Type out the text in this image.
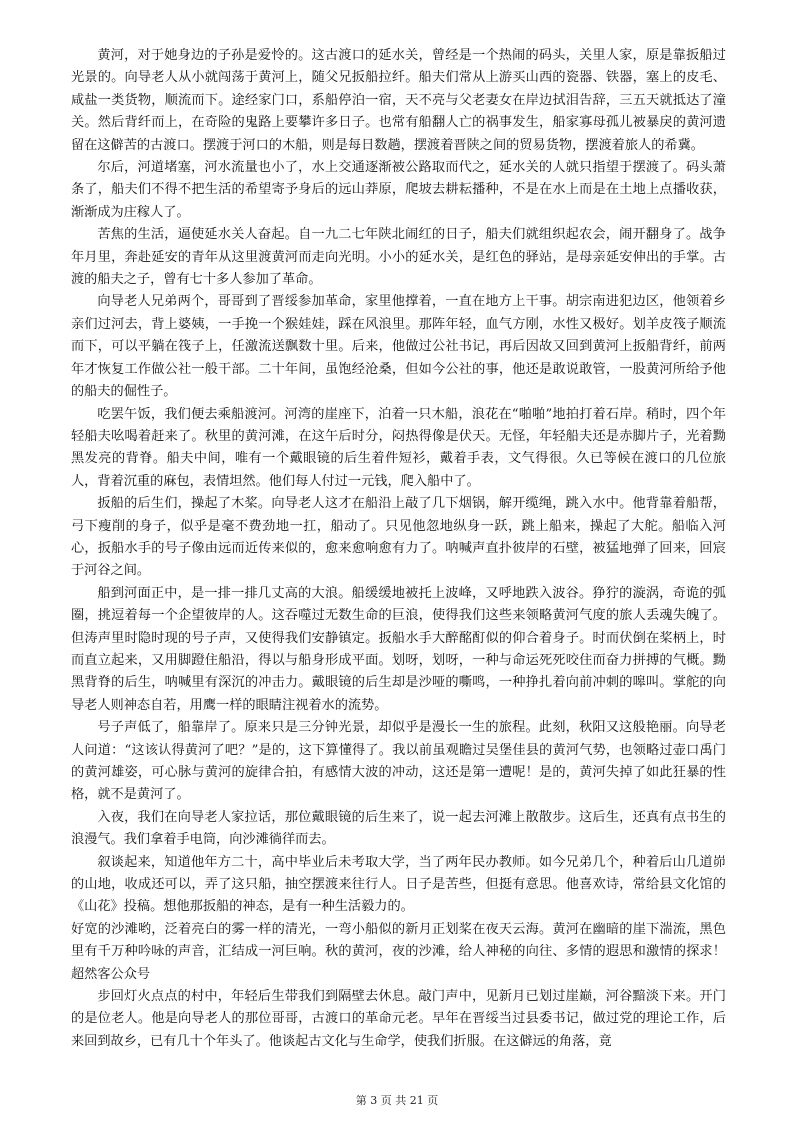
黄河，对于她身边的子孙是爱怜的。这古渡口的延水关，曾经是一个热闹的码头，关里人家，原是靠扳船过光景的。向导老人从小就闯荡于黄河上，随父兄扳船拉纤。船夫们常从上游买山西的瓷器、铁器，塞上的皮毛、咸盐一类货物，顺流而下。途经家门口，系船停泊一宿，天不亮与父老妻女在岸边拭泪告辞，三五天就抵达了潼关。然后背纤而上，在奇险的鬼路上要攀许多日子。也常有船翻人亡的祸事发生，船家寡母孤儿被暴戾的黄河遗留在这僻苦的古渡口。摆渡于河口的木船，则是每日数趟，摆渡着晋陕之间的贸易货物，摆渡着旅人的希冀。

尔后，河道堵塞，河水流量也小了，水上交通逐渐被公路取而代之，延水关的人就只指望于摆渡了。码头萧条了，船夫们不得不把生活的希望寄予身后的远山莽原，爬坡去耕耘播种，不是在水上而是在土地上点播收获，渐渐成为庄稼人了。

苦焦的生活，逼使延水关人奋起。自一九二七年陕北闹红的日子，船夫们就组织起农会，闹开翻身了。战争年月里，奔赴延安的青年从这里渡黄河而走向光明。小小的延水关，是红色的驿站，是母亲延安伸出的手掌。古渡的船夫之子，曾有七十多人参加了革命。

向导老人兄弟两个，哥哥到了晋绥参加革命，家里他撑着，一直在地方上干事。胡宗南进犯边区，他领着乡亲们过河去，背上婆姨，一手挽一个猴娃娃，踩在风浪里。那阵年轻，血气方刚，水性又极好。划羊皮筏子顺流而下，可以平躺在筏子上，任激流送飘数十里。后来，他做过公社书记，再后因故又回到黄河上扳船背纤，前两年才恢复工作做公社一般干部。二十年间，虽饱经沧桑，但如今公社的事，他还是敢说敢管，一股黄河所给予他的船夫的倔性子。

吃罢午饭，我们便去乘船渡河。河湾的崖座下，泊着一只木船，浪花在“啪啪”地拍打着石岸。稍时，四个年轻船夫吆喝着赶来了。秋里的黄河滩，在这午后时分，闷热得像是伏天。无怪，年轻船夫还是赤脚片子，光着黝黑发亮的背脊。船夫中间，唯有一个戴眼镜的后生着件短衫，戴着手表，文气得很。久已等候在渡口的几位旅人，背着沉重的麻包，表情坦然。他们每人付过一元钱，爬入船中了。

扳船的后生们，操起了木桨。向导老人这才在船沿上敲了几下烟锅，解开缆绳，跳入水中。他背靠着船帮，弓下瘦削的身子，似乎是毫不费劲地一扛，船动了。只见他忽地纵身一跃，跳上船来，操起了大舵。船临入河心，扳船水手的号子像由远而近传来似的，愈来愈响愈有力了。呐喊声直扑彼岸的石壁，被猛地弹了回来，回宸于河谷之间。

船到河面正中，是一排一排几丈高的大浪。船缓缓地被托上波峰，又呼地跌入波谷。狰狞的漩涡，奇诡的弧圈，挑逗着每一个企望彼岸的人。这吞噬过无数生命的巨浪，使得我们这些来领略黄河气度的旅人丢魂失魄了。但涛声里时隐时现的号子声，又使得我们安静镇定。扳船水手大醉酩酊似的仰合着身子。时而伏倒在桨柄上，时而直立起来，又用脚蹬住船沿，得以与船身形成平面。划呀，划呀，一种与命运死死咬住而奋力拼搏的气概。黝黑背脊的后生，呐喊里有深沉的冲击力。戴眼镜的后生却是沙哑的嘶鸣，一种挣扎着向前冲刺的嗥叫。掌舵的向导老人则神态自若，用鹰一样的眼睛注视着水的流势。

号子声低了，船靠岸了。原来只是三分钟光景，却似乎是漫长一生的旅程。此刻，秋阳又这般艳丽。向导老人问道：“这该认得黄河了吧？”是的，这下算懂得了。我以前虽观瞻过吴堡佳县的黄河气势，也领略过壶口禹门的黄河雄姿，可心脉与黄河的旋律合拍，有感情大波的冲动，这还是第一遭呢！是的，黄河失掉了如此狂暴的性格，就不是黄河了。

入夜，我们在向导老人家拉话，那位戴眼镜的后生来了，说一起去河滩上散散步。这后生，还真有点书生的浪漫气。我们拿着手电筒，向沙滩徜徉而去。

叙谈起来，知道他年方二十，高中毕业后未考取大学，当了两年民办教师。如今兄弟几个，种着后山几道峁的山地，收成还可以，弄了这只船，抽空摆渡来往行人。日子是苦些，但挺有意思。他喜欢诗，常给县文化馆的《山花》投稿。想他那扳船的神态，是有一种生活毅力的。

好宽的沙滩哟，泛着亮白的雾一样的清光，一弯小船似的新月正划桨在夜天云海。黄河在幽暗的崖下湍流，黑色里有千万种吟咏的声音，汇结成一河巨响。秋的黄河，夜的沙滩，给人神秘的向往、多情的遐思和激情的探求！超然客公众号

步回灯火点点的村中，年轻后生带我们到隔壁去休息。敲门声中，见新月已划过崖巅，河谷黯淡下来。开门的是位老人。他是向导老人的那位哥哥，古渡口的革命元老。早年在晋绥当过县委书记，做过党的理论工作，后来回到故乡，已有几十个年头了。他谈起古文化与生命学，使我们折服。在这僻远的角落，竟

第 3 页 共 21 页
